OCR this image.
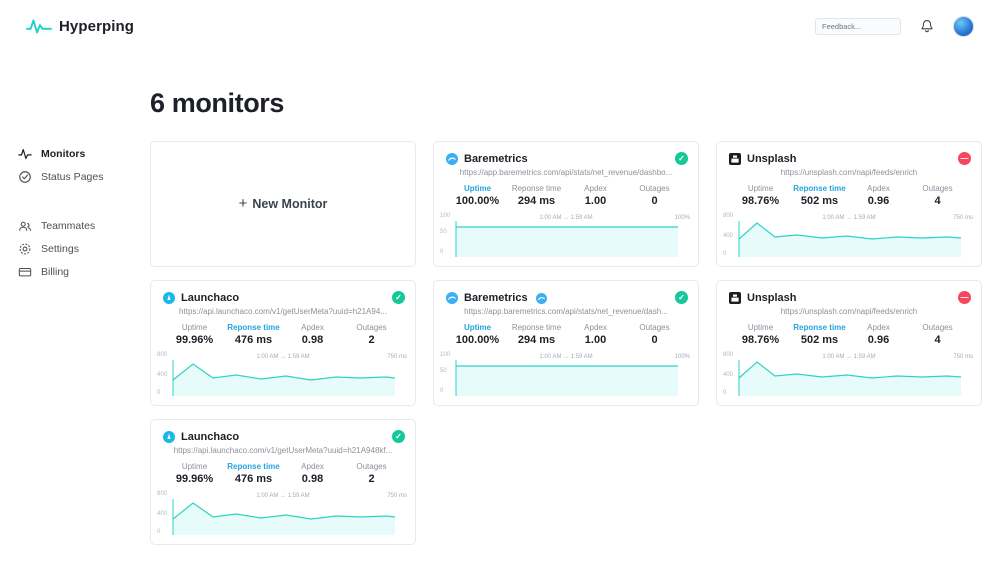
Hyperping
Feedback...
Monitors
Status Pages
Teammates
Settings
Billing
6 monitors
+ New Monitor
✓
Baremetrics
https://app.baremetrics.com/api/stats/net_revenue/dashbo...
Uptime
100.00%
Reponse time
294 ms
Apdex
1.00
Outages
0
100
50
0
1:00 AM → 1:59 AM	100%
—
Unsplash
https://unsplash.com/napi/feeds/enrich
Uptime
98.76%
Reponse time
502 ms
Apdex
0.96
Outages
4
800
400
0
1:00 AM → 1:59 AM	750 ms
✓
Launchaco
https://api.launchaco.com/v1/getUserMeta?uuid=h21A94...
Uptime
99.96%
Reponse time
476 ms
Apdex
0.98
Outages
2
800
400
0
1:00 AM → 1:59 AM	750 ms
✓
Baremetrics
https://app.baremetrics.com/api/stats/net_revenue/dash...
Uptime
100.00%
Reponse time
294 ms
Apdex
1.00
Outages
0
100
50
0
1:00 AM → 1:59 AM	100%
—
Unsplash
https://unsplash.com/napi/feeds/enrich
Uptime
98.76%
Reponse time
502 ms
Apdex
0.96
Outages
4
800
400
0
1:00 AM → 1:59 AM	750 ms
✓
Launchaco
https://api.launchaco.com/v1/getUserMeta?uuid=h21A948kf...
Uptime
99.96%
Reponse time
476 ms
Apdex
0.98
Outages
2
800
400
0
1:00 AM → 1:59 AM	750 ms
